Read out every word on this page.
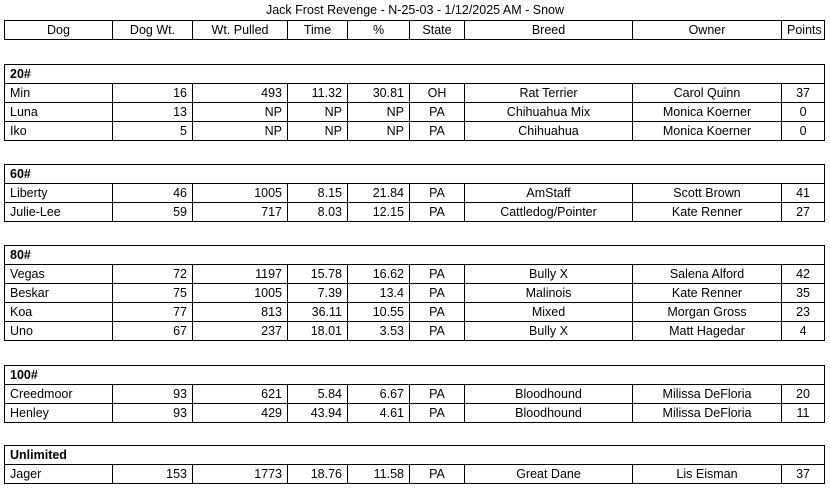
Jack Frost Revenge - N-25-03 - 1/12/2025 AM - Snow
Dog	Dog Wt.	Wt. Pulled	Time	%	State	Breed	Owner	Points
20#								
Min	16	493	11.32	30.81	OH	Rat Terrier	Carol Quinn	37
Luna	13	NP	NP	NP	PA	Chihuahua Mix	Monica Koerner	0
Iko	5	NP	NP	NP	PA	Chihuahua	Monica Koerner	0
60#								
Liberty	46	1005	8.15	21.84	PA	AmStaff	Scott Brown	41
Julie-Lee	59	717	8.03	12.15	PA	Cattledog/Pointer	Kate Renner	27
80#								
Vegas	72	1197	15.78	16.62	PA	Bully X	Salena Alford	42
Beskar	75	1005	7.39	13.4	PA	Malinois	Kate Renner	35
Koa	77	813	36.11	10.55	PA	Mixed	Morgan Gross	23
Uno	67	237	18.01	3.53	PA	Bully X	Matt Hagedar	4
100#								
Creedmoor	93	621	5.84	6.67	PA	Bloodhound	Milissa DeFloria	20
Henley	93	429	43.94	4.61	PA	Bloodhound	Milissa DeFloria	11
Unlimited
Jager	153	1773	18.76	11.58	PA	Great Dane	Lis Eisman	37
